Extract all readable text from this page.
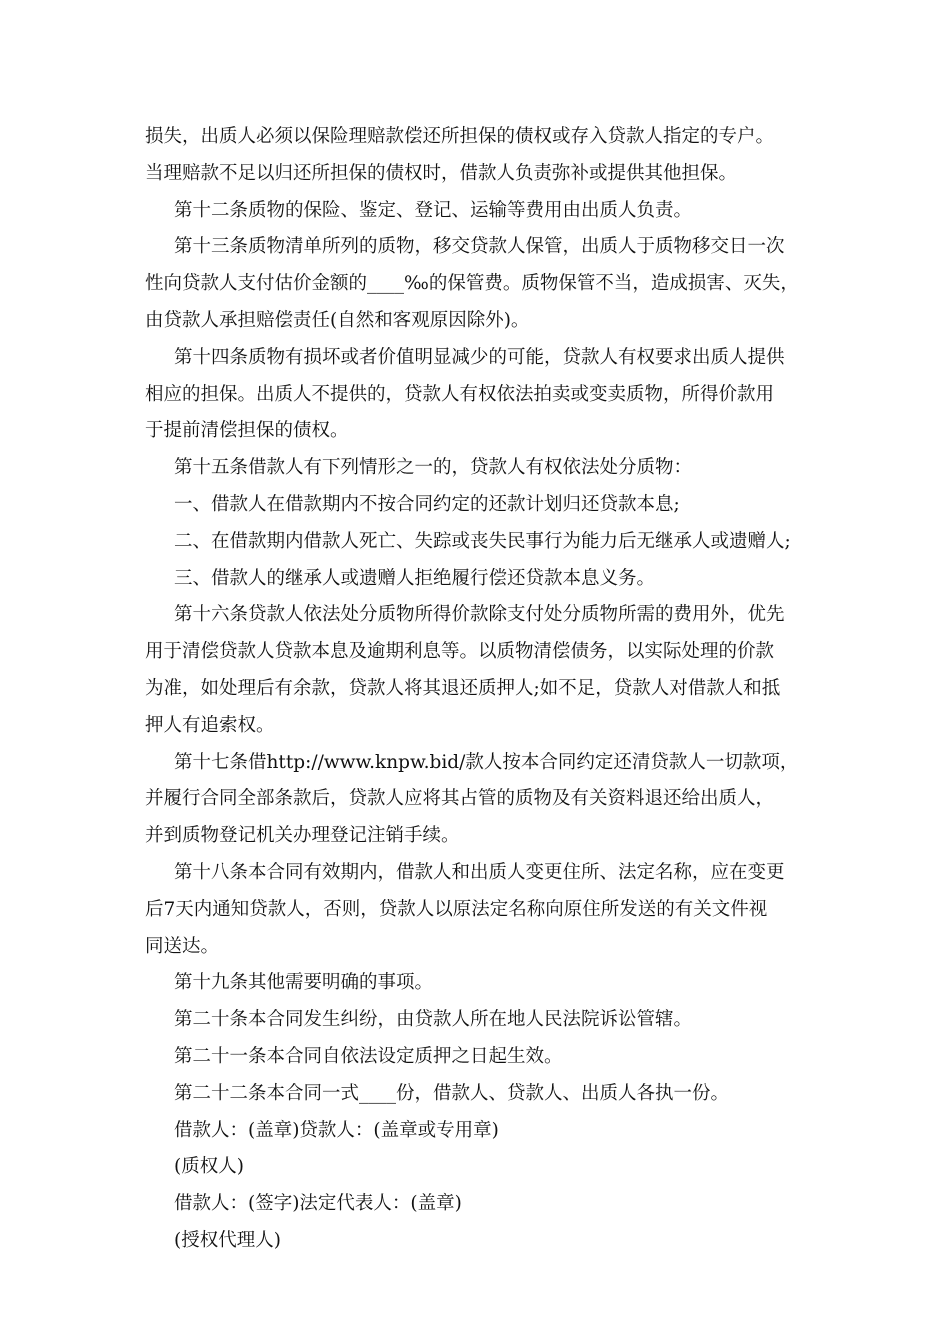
损失，出质人必须以保险理赔款偿还所担保的债权或存入贷款人指定的专户。
当理赔款不足以归还所担保的债权时，借款人负责弥补或提供其他担保。
第十二条质物的保险、鉴定、登记、运输等费用由出质人负责。
第十三条质物清单所列的质物，移交贷款人保管，出质人于质物移交日一次
性向贷款人支付估价金额的____‰的保管费。质物保管不当，造成损害、灭失，
由贷款人承担赔偿责任(自然和客观原因除外)。
第十四条质物有损坏或者价值明显减少的可能，贷款人有权要求出质人提供
相应的担保。出质人不提供的，贷款人有权依法拍卖或变卖质物，所得价款用
于提前清偿担保的债权。
第十五条借款人有下列情形之一的，贷款人有权依法处分质物：
一、借款人在借款期内不按合同约定的还款计划归还贷款本息;
二、在借款期内借款人死亡、失踪或丧失民事行为能力后无继承人或遗赠人;
三、借款人的继承人或遗赠人拒绝履行偿还贷款本息义务。
第十六条贷款人依法处分质物所得价款除支付处分质物所需的费用外，优先
用于清偿贷款人贷款本息及逾期利息等。以质物清偿债务，以实际处理的价款
为准，如处理后有余款，贷款人将其退还质押人;如不足，贷款人对借款人和抵
押人有追索权。
第十七条借http://www.knpw.bid/款人按本合同约定还清贷款人一切款项，
并履行合同全部条款后，贷款人应将其占管的质物及有关资料退还给出质人，
并到质物登记机关办理登记注销手续。
第十八条本合同有效期内，借款人和出质人变更住所、法定名称，应在变更
后7天内通知贷款人，否则，贷款人以原法定名称向原住所发送的有关文件视
同送达。
第十九条其他需要明确的事项。
第二十条本合同发生纠纷，由贷款人所在地人民法院诉讼管辖。
第二十一条本合同自依法设定质押之日起生效。
第二十二条本合同一式____份，借款人、贷款人、出质人各执一份。
借款人：(盖章)贷款人：(盖章或专用章)
(质权人)
借款人：(签字)法定代表人：(盖章)
(授权代理人)
